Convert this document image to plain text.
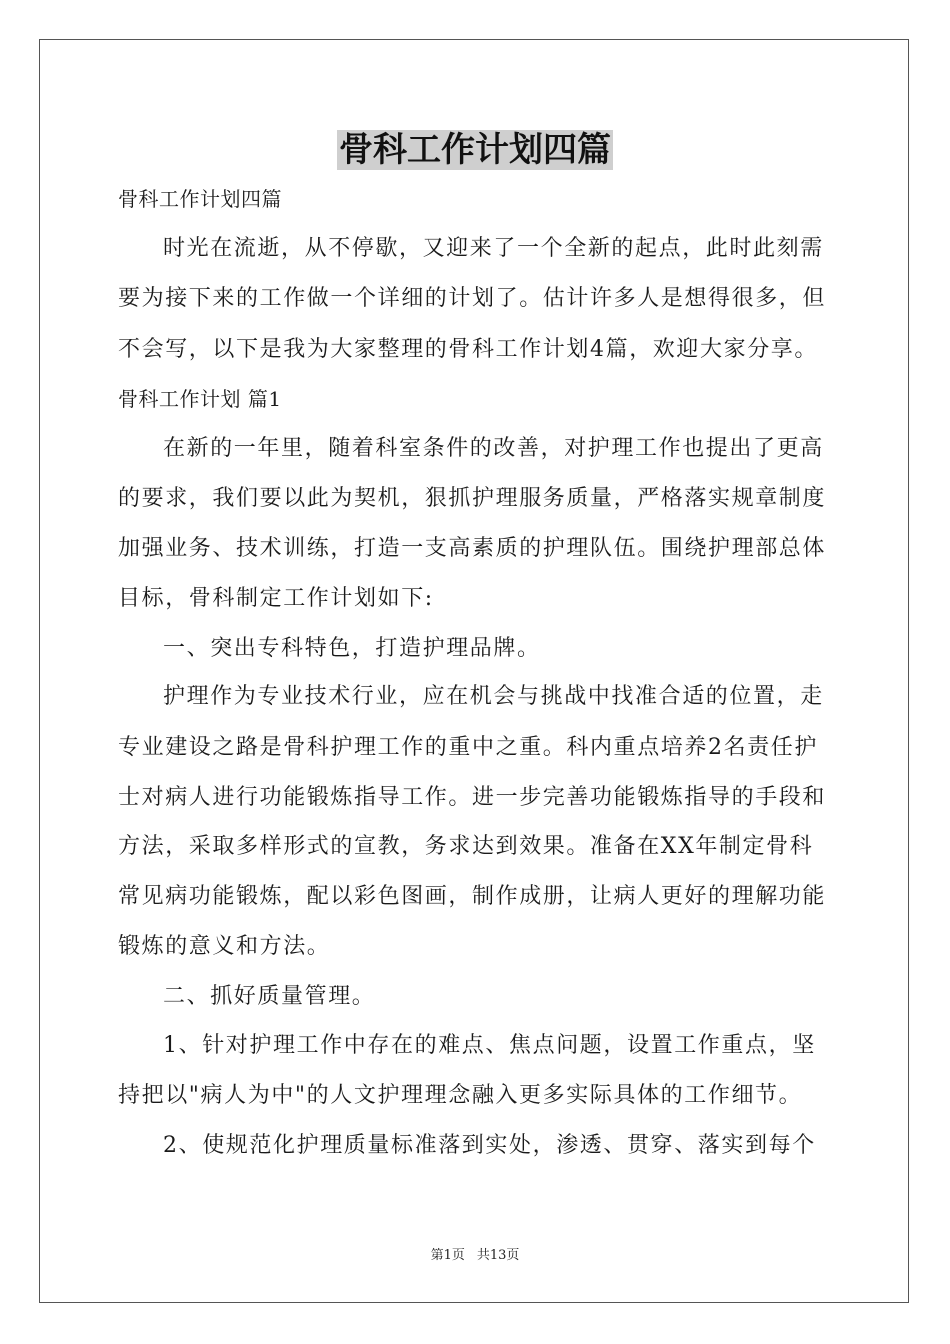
骨科工作计划四篇
骨科工作计划四篇
时光在流逝，从不停歇，又迎来了一个全新的起点，此时此刻需
要为接下来的工作做一个详细的计划了。估计许多人是想得很多，但
不会写，以下是我为大家整理的骨科工作计划4篇，欢迎大家分享。
骨科工作计划 篇1
在新的一年里，随着科室条件的改善，对护理工作也提出了更高
的要求，我们要以此为契机，狠抓护理服务质量，严格落实规章制度
加强业务、技术训练，打造一支高素质的护理队伍。围绕护理部总体
目标，骨科制定工作计划如下:
一、突出专科特色，打造护理品牌。
护理作为专业技术行业，应在机会与挑战中找准合适的位置，走
专业建设之路是骨科护理工作的重中之重。科内重点培养2名责任护
士对病人进行功能锻炼指导工作。进一步完善功能锻炼指导的手段和
方法，采取多样形式的宣教，务求达到效果。准备在XX年制定骨科
常见病功能锻炼，配以彩色图画，制作成册，让病人更好的理解功能
锻炼的意义和方法。
二、抓好质量管理。
1、针对护理工作中存在的难点、焦点问题，设置工作重点，坚
持把以"病人为中"的人文护理理念融入更多实际具体的工作细节。
2、使规范化护理质量标准落到实处，渗透、贯穿、落实到每个
第1页 共13页
